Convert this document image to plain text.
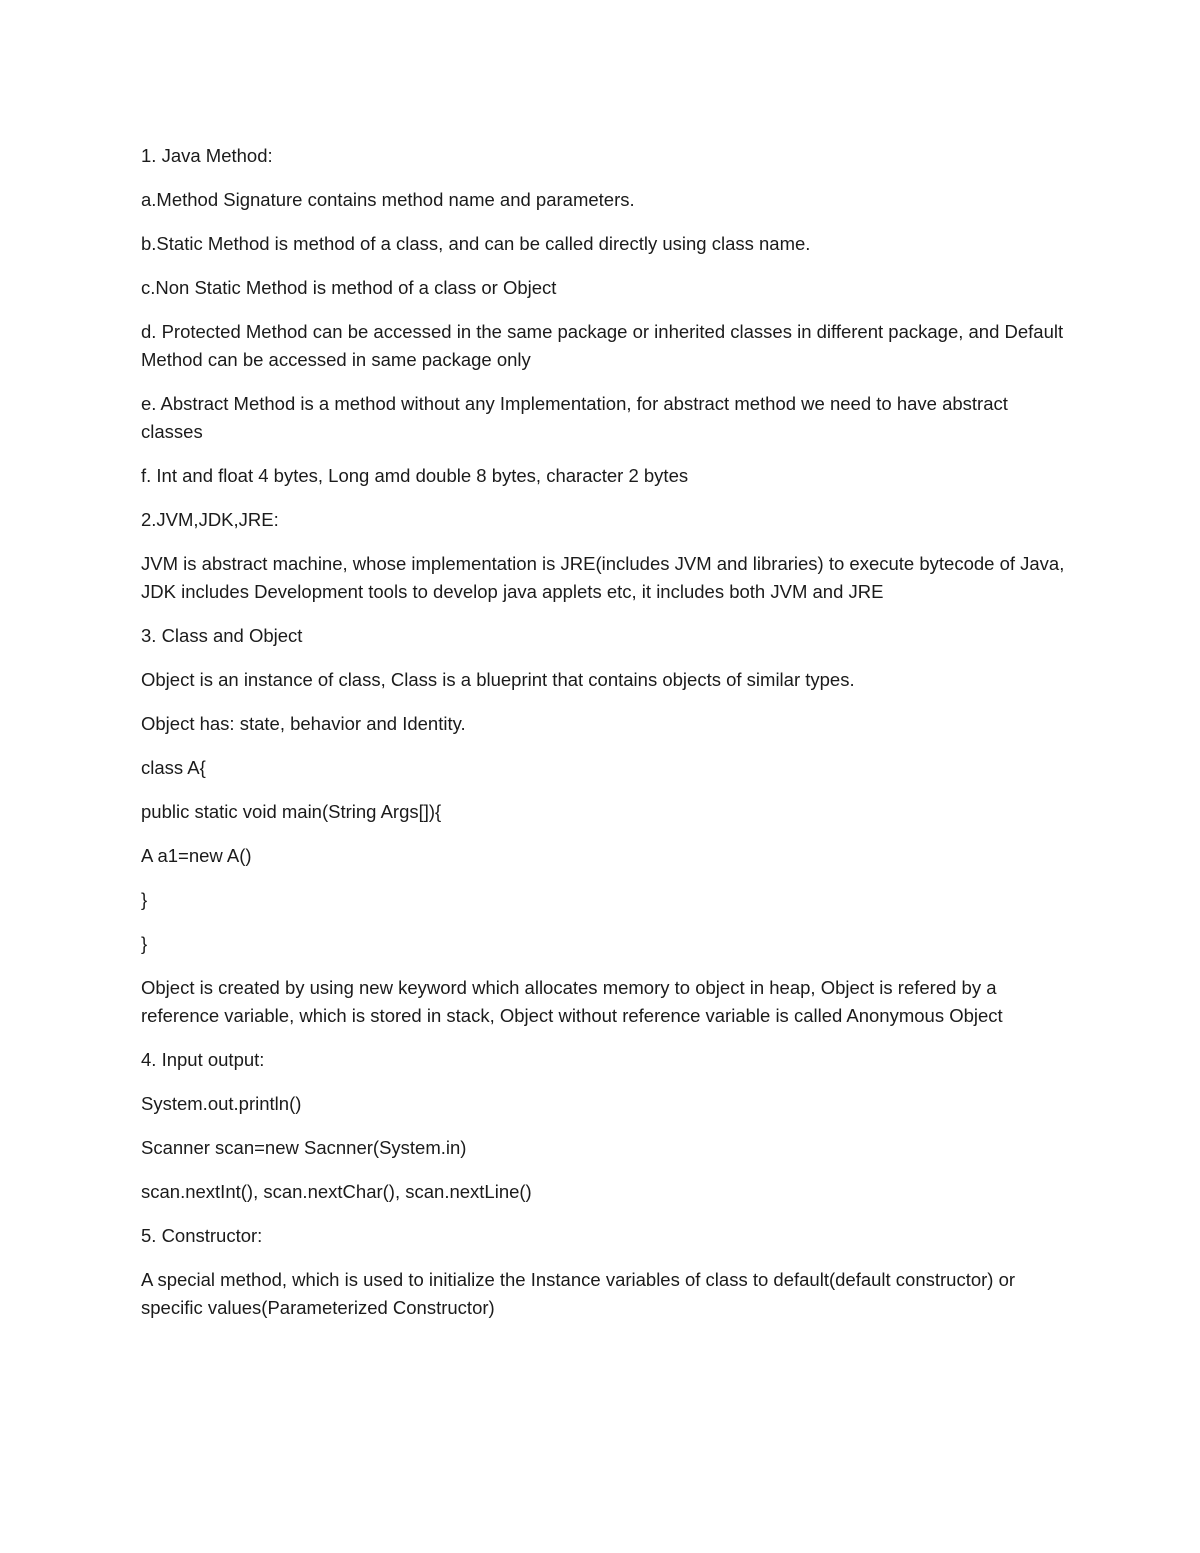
1. Java Method:

a.Method Signature contains method name and parameters.

b.Static Method is method of a class, and can be called directly using class name.

c.Non Static Method is method of a class or Object

d. Protected Method can be accessed in the same package or inherited classes in different package, and Default Method can be accessed in same package only

e. Abstract Method is a method without any Implementation, for abstract method we need to have abstract classes

f. Int and float 4 bytes, Long amd double 8 bytes, character 2 bytes

2.JVM,JDK,JRE:

JVM is abstract machine, whose implementation is JRE(includes JVM and libraries) to execute bytecode of Java, JDK includes Development tools to develop java applets etc, it includes both JVM and JRE

3. Class and Object

Object is an instance of class, Class is a blueprint that contains objects of similar types.

Object has: state, behavior and Identity.

class A{

public static void main(String Args[]){

A a1=new A()

}

}

Object is created by using new keyword which allocates memory to object in heap, Object is refered by a reference variable, which is stored in stack, Object without reference variable is called Anonymous Object

4. Input output:

System.out.println()

Scanner scan=new Sacnner(System.in)

scan.nextInt(), scan.nextChar(), scan.nextLine()

5. Constructor:

A special method, which is used to initialize the Instance variables of class to default(default constructor) or specific values(Parameterized Constructor)
